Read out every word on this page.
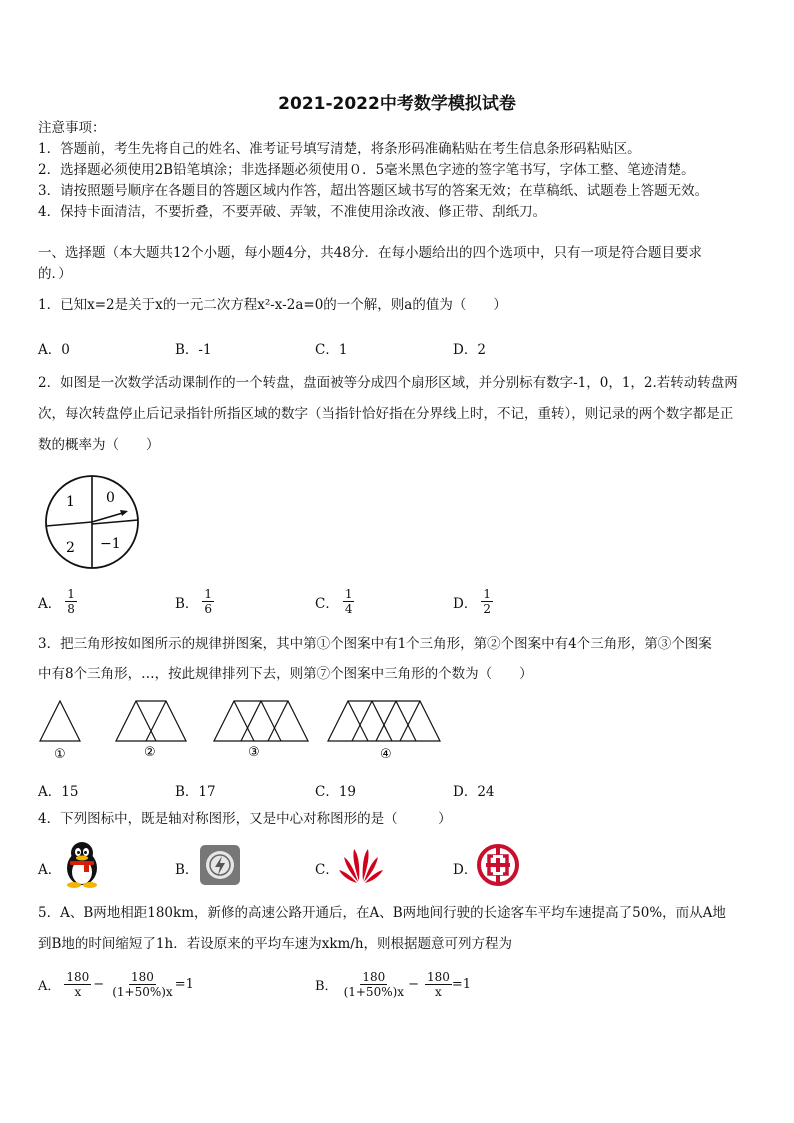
2021-2022中考数学模拟试卷
注意事项：
1．答题前，考生先将自己的姓名、准考证号填写清楚，将条形码准确粘贴在考生信息条形码粘贴区。
2．选择题必须使用2B铅笔填涂；非选择题必须使用０．5毫米黑色字迹的签字笔书写，字体工整、笔迹清楚。
3．请按照题号顺序在各题目的答题区域内作答，超出答题区域书写的答案无效；在草稿纸、试题卷上答题无效。
4．保持卡面清洁，不要折叠，不要弄破、弄皱，不准使用涂改液、修正带、刮纸刀。
一、选择题（本大题共12个小题，每小题4分，共48分．在每小题给出的四个选项中，只有一项是符合题目要求
的．）
1．已知x=2是关于x的一元二次方程x²-x-2a=0的一个解，则a的值为（　　）
A．0	B．-1	C．1	D．2
2．如图是一次数学活动课制作的一个转盘，盘面被等分成四个扇形区域，并分别标有数字-1，0，1，2.若转动转盘两
次，每次转盘停止后记录指针所指区域的数字（当指针恰好指在分界线上时，不记，重转），则记录的两个数字都是正
数的概率为（　　）
1 0
2 −1
A． $\frac{1}{8}$	B． $\frac{1}{6}$	C． $\frac{1}{4}$	D． $\frac{1}{2}$
3．把三角形按如图所示的规律拼图案，其中第①个图案中有1个三角形，第②个图案中有4个三角形，第③个图案
中有8个三角形，…，按此规律排列下去，则第⑦个图案中三角形的个数为（　　）
①	②	③	④
A．15	B．17	C．19	D．24
4．下列图标中，既是轴对称图形，又是中心对称图形的是（　　　）
A．	B．	C．	D．
5．A、B两地相距180km，新修的高速公路开通后，在A、B两地间行驶的长途客车平均车速提高了50%，而从A地
到B地的时间缩短了1h．若设原来的平均车速为xkm/h，则根据题意可列方程为
A． $\frac{180}{x} - \frac{180}{(1+50\%)x} =1$	B． $\frac{180}{(1+50\%)x} - \frac{180}{x} =1$
